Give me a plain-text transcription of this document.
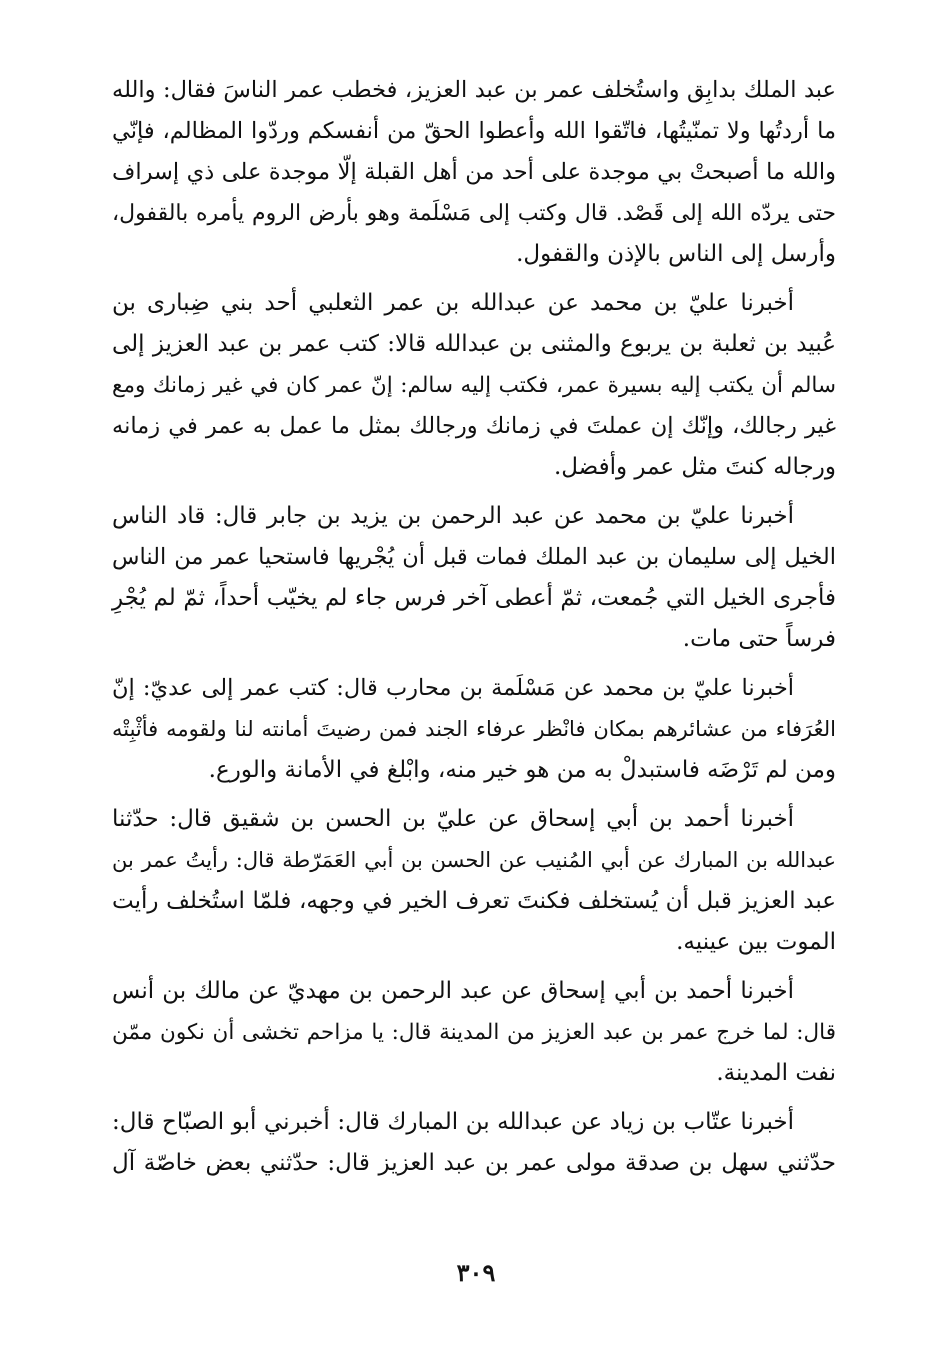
عبد الملك بدابِق واستُخلف عمر بن عبد العزيز، فخطب عمر الناسَ فقال: والله
ما أردتُها ولا تمنّيتُها، فاتّقوا الله وأعطوا الحقّ من أنفسكم وردّوا المظالم، فإنّي
والله ما أصبحتْ بي موجدة على أحد من أهل القبلة إلّا موجدة على ذي إسراف
حتى يردّه الله إلى قَصْد. قال وكتب إلى مَسْلَمة وهو بأرض الروم يأمره بالقفول،
وأرسل إلى الناس بالإذن والقفول.
أخبرنا عليّ بن محمد عن عبدالله بن عمر الثعلبي أحد بني ضِبارى بن
عُبيد بن ثعلبة بن يربوع والمثنى بن عبدالله قالا: كتب عمر بن عبد العزيز إلى
سالم أن يكتب إليه بسيرة عمر، فكتب إليه سالم: إنّ عمر كان في غير زمانك ومع
غير رجالك، وإنّك إن عملتَ في زمانك ورجالك بمثل ما عمل به عمر في زمانه
ورجاله كنتَ مثل عمر وأفضل.
أخبرنا عليّ بن محمد عن عبد الرحمن بن يزيد بن جابر قال: قاد الناس
الخيل إلى سليمان بن عبد الملك فمات قبل أن يُجْريها فاستحيا عمر من الناس
فأجرى الخيل التي جُمعت، ثمّ أعطى آخر فرس جاء لم يخيّب أحداً، ثمّ لم يُجْرِ
فرساً حتى مات.
أخبرنا عليّ بن محمد عن مَسْلَمة بن محارب قال: كتب عمر إلى عديّ: إنّ
العُرَفاء من عشائرهم بمكان فانْظر عرفاء الجند فمن رضيتَ أمانته لنا ولقومه فأثْبِتْه
ومن لم تَرْضَه فاستبدلْ به من هو خير منه، وابْلغ في الأمانة والورع.
أخبرنا أحمد بن أبي إسحاق عن عليّ بن الحسن بن شقيق قال: حدّثنا
عبدالله بن المبارك عن أبي المُنيب عن الحسن بن أبي العَمَرّطة قال: رأيتُ عمر بن
عبد العزيز قبل أن يُستخلف فكنتَ تعرف الخير في وجهه، فلمّا استُخلف رأيت
الموت بين عينيه.
أخبرنا أحمد بن أبي إسحاق عن عبد الرحمن بن مهديّ عن مالك بن أنس
قال: لما خرج عمر بن عبد العزيز من المدينة قال: يا مزاحم تخشى أن نكون ممّن
نفت المدينة.
أخبرنا عتّاب بن زياد عن عبدالله بن المبارك قال: أخبرني أبو الصبّاح قال:
حدّثني سهل بن صدقة مولى عمر بن عبد العزيز قال: حدّثني بعض خاصّة آل
٣٠٩
